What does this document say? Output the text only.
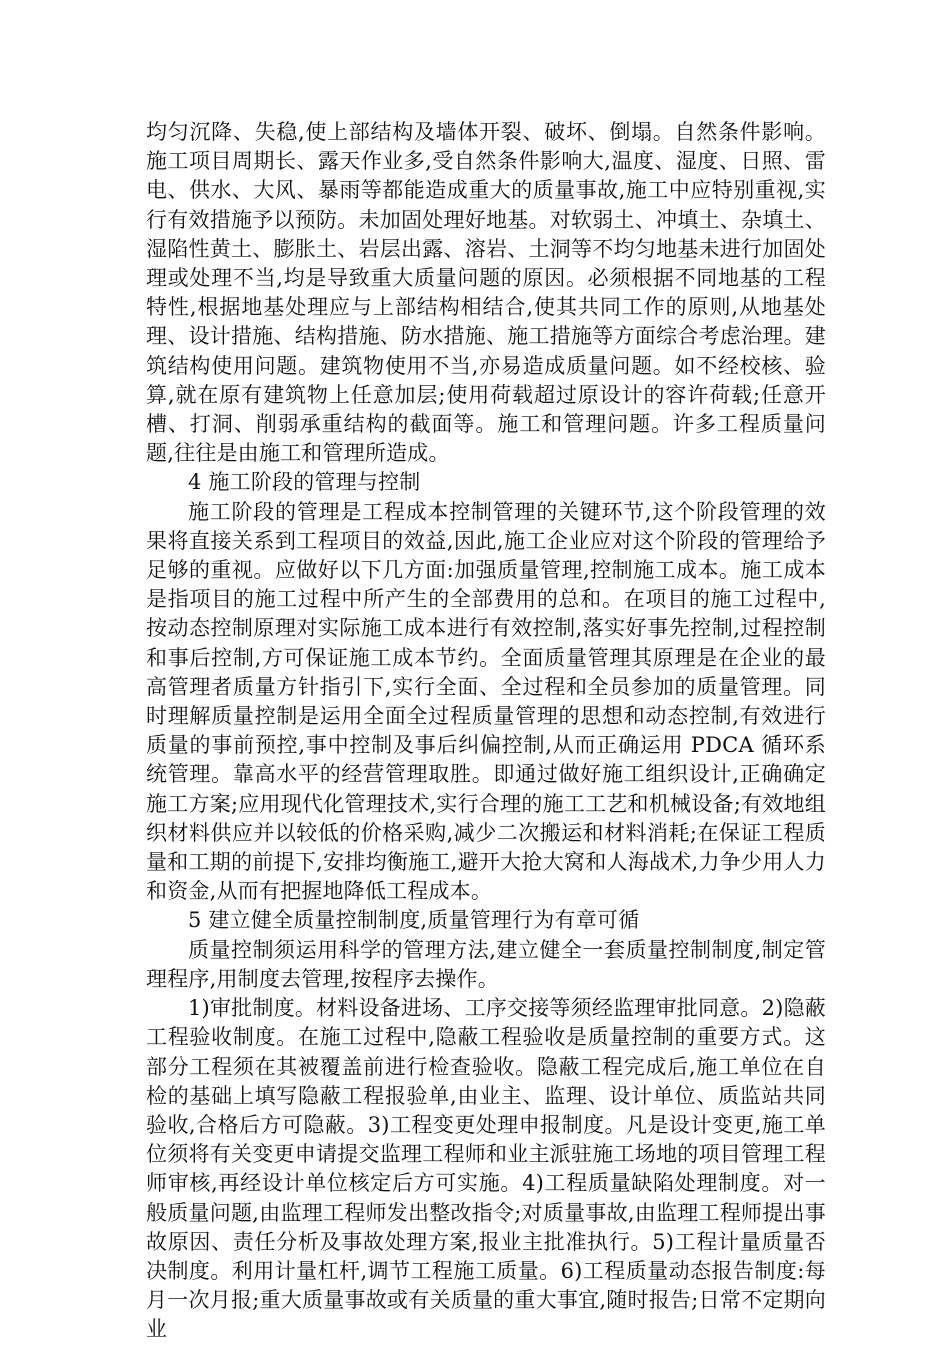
均匀沉降、失稳,使上部结构及墙体开裂、破坏、倒塌。自然条件影响。施工项目周期长、露天作业多,受自然条件影响大,温度、湿度、日照、雷电、供水、大风、暴雨等都能造成重大的质量事故,施工中应特别重视,实行有效措施予以预防。未加固处理好地基。对软弱土、冲填土、杂填土、湿陷性黄土、膨胀土、岩层出露、溶岩、土洞等不均匀地基未进行加固处理或处理不当,均是导致重大质量问题的原因。必须根据不同地基的工程特性,根据地基处理应与上部结构相结合,使其共同工作的原则,从地基处理、设计措施、结构措施、防水措施、施工措施等方面综合考虑治理。建筑结构使用问题。建筑物使用不当,亦易造成质量问题。如不经校核、验算,就在原有建筑物上任意加层;使用荷载超过原设计的容许荷载;任意开槽、打洞、削弱承重结构的截面等。施工和管理问题。许多工程质量问题,往往是由施工和管理所造成。

4 施工阶段的管理与控制

施工阶段的管理是工程成本控制管理的关键环节,这个阶段管理的效果将直接关系到工程项目的效益,因此,施工企业应对这个阶段的管理给予足够的重视。应做好以下几方面:加强质量管理,控制施工成本。施工成本是指项目的施工过程中所产生的全部费用的总和。在项目的施工过程中,按动态控制原理对实际施工成本进行有效控制,落实好事先控制,过程控制和事后控制,方可保证施工成本节约。全面质量管理其原理是在企业的最高管理者质量方针指引下,实行全面、全过程和全员参加的质量管理。同时理解质量控制是运用全面全过程质量管理的思想和动态控制,有效进行质量的事前预控,事中控制及事后纠偏控制,从而正确运用 PDCA 循环系统管理。靠高水平的经营管理取胜。即通过做好施工组织设计,正确确定施工方案;应用现代化管理技术,实行合理的施工工艺和机械设备;有效地组织材料供应并以较低的价格采购,减少二次搬运和材料消耗;在保证工程质量和工期的前提下,安排均衡施工,避开大抢大窝和人海战术,力争少用人力和资金,从而有把握地降低工程成本。

5 建立健全质量控制制度,质量管理行为有章可循

质量控制须运用科学的管理方法,建立健全一套质量控制制度,制定管理程序,用制度去管理,按程序去操作。

1)审批制度。材料设备进场、工序交接等须经监理审批同意。2)隐蔽工程验收制度。在施工过程中,隐蔽工程验收是质量控制的重要方式。这部分工程须在其被覆盖前进行检查验收。隐蔽工程完成后,施工单位在自检的基础上填写隐蔽工程报验单,由业主、监理、设计单位、质监站共同验收,合格后方可隐蔽。3)工程变更处理申报制度。凡是设计变更,施工单位须将有关变更申请提交监理工程师和业主派驻施工场地的项目管理工程师审核,再经设计单位核定后方可实施。4)工程质量缺陷处理制度。对一般质量问题,由监理工程师发出整改指令;对质量事故,由监理工程师提出事故原因、责任分析及事故处理方案,报业主批准执行。5)工程计量质量否决制度。利用计量杠杆,调节工程施工质量。6)工程质量动态报告制度:每月一次月报;重大质量事故或有关质量的重大事宜,随时报告;日常不定期向业
